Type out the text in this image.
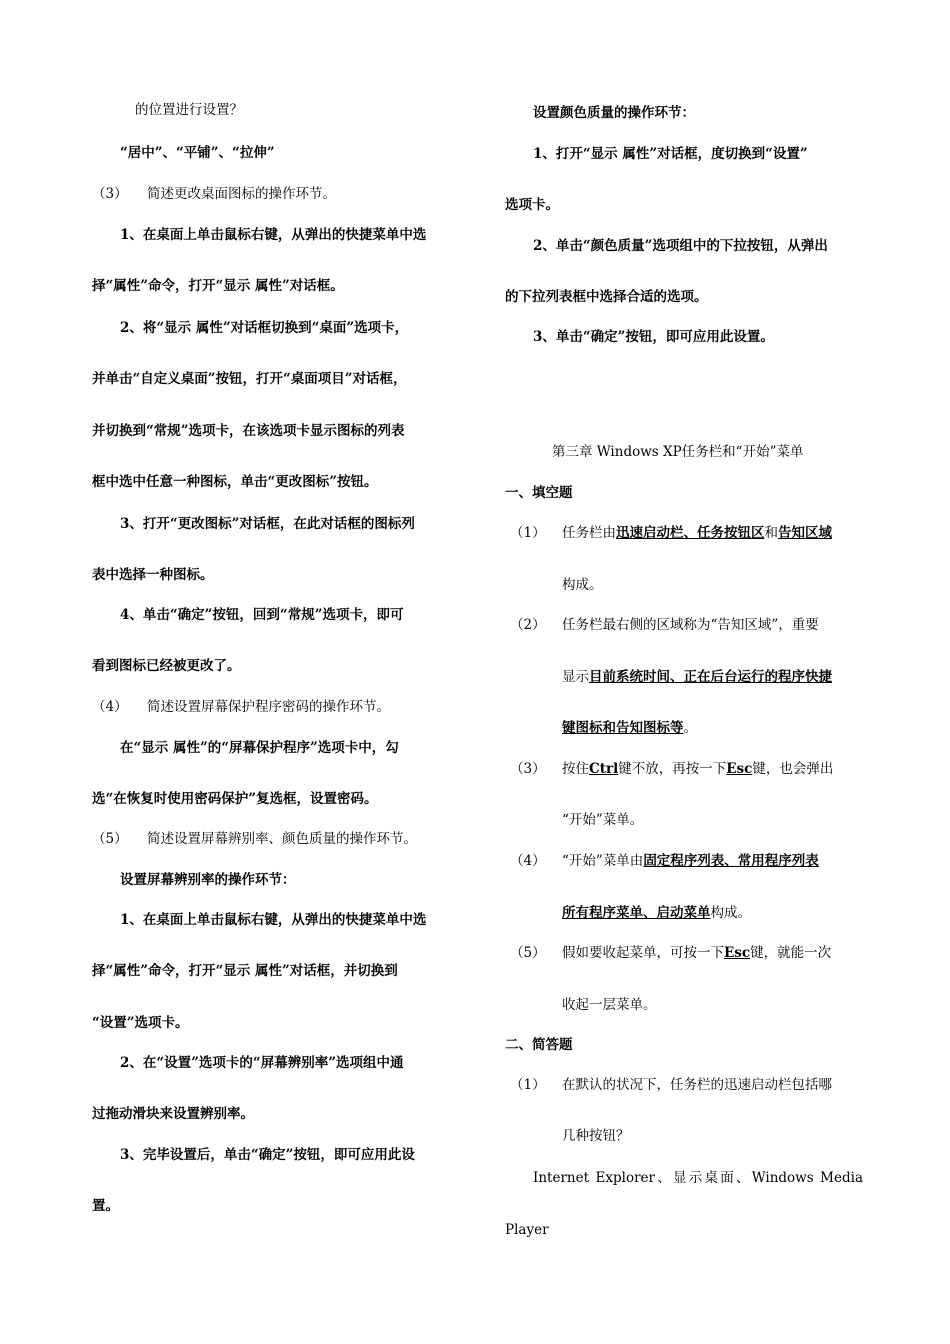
的位置进行设置？
“居中”、“平铺”、“拉伸”
（3） 简述更改桌面图标的操作环节。
1、在桌面上单击鼠标右键，从弹出的快捷菜单中选
择“属性”命令，打开“显示 属性”对话框。
2、将“显示 属性”对话框切换到“桌面”选项卡，
并单击“自定义桌面”按钮，打开“桌面项目”对话框，
并切换到“常规”选项卡，在该选项卡显示图标的列表
框中选中任意一种图标，单击“更改图标”按钮。
3、打开“更改图标”对话框，在此对话框的图标列
表中选择一种图标。
4、单击“确定”按钮，回到“常规”选项卡，即可
看到图标已经被更改了。
（4） 简述设置屏幕保护程序密码的操作环节。
在“显示 属性”的“屏幕保护程序”选项卡中，勾
选“在恢复时使用密码保护”复选框，设置密码。
（5） 简述设置屏幕辨别率、颜色质量的操作环节。
设置屏幕辨别率的操作环节：
1、在桌面上单击鼠标右键，从弹出的快捷菜单中选
择“属性”命令，打开“显示 属性”对话框，并切换到
“设置”选项卡。
2、在“设置”选项卡的“屏幕辨别率”选项组中通
过拖动滑块来设置辨别率。
3、完毕设置后，单击“确定”按钮，即可应用此设
置。
设置颜色质量的操作环节：
1、打开“显示 属性”对话框，度切换到“设置”
选项卡。
2、单击“颜色质量”选项组中的下拉按钮，从弹出
的下拉列表框中选择合适的选项。
3、单击“确定”按钮，即可应用此设置。
第三章 Windows XP任务栏和“开始”菜单
一、填空题
（1） 任务栏由迅速启动栏、任务按钮区和告知区域
构成。
（2） 任务栏最右侧的区域称为“告知区域”，重要
显示目前系统时间、正在后台运行的程序快捷
键图标和告知图标等。
（3） 按住Ctrl键不放，再按一下Esc键，也会弹出
“开始”菜单。
（4） “开始”菜单由固定程序列表、常用程序列表
所有程序菜单、启动菜单构成。
（5） 假如要收起菜单，可按一下Esc键，就能一次
收起一层菜单。
二、简答题
（1） 在默认的状况下，任务栏的迅速启动栏包括哪
几种按钮？
Internet Explorer、显示桌面、Windows Media
Player
